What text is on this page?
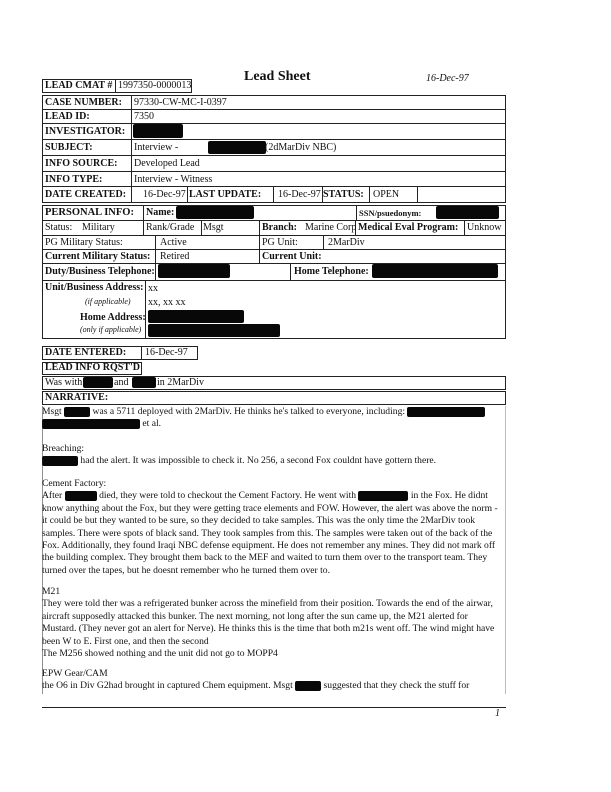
LEAD CMAT # 1997350-0000013
Lead Sheet	16-Dec-97
CASE NUMBER: 97330-CW-MC-I-0397
LEAD ID:	7350
INVESTIGATOR:
SUBJECT:	Interview -	(2dMarDiv NBC)
INFO SOURCE: Developed Lead
INFO TYPE:	Interview - Witness
DATE CREATED: 16-Dec-97 LAST UPDATE: 16-Dec-97 STATUS: OPEN
PERSONAL INFO: Name:	SSN/psuedonym:
Status: Military	Rank/Grade Msgt	Branch: Marine Corp Medical Eval Program: Unknow
PG Military Status:	Active	PG Unit:	2MarDiv
Current Military Status: Retired	Current Unit:
Duty/Business Telephone:	Home Telephone:
Unit/Business Address:
(if applicable)
xx
xx, xx xx
Home Address:
(only if applicable)
DATE ENTERED: 16-Dec-97
LEAD INFO RQST'D
Was with	and	in 2MarDiv
NARRATIVE:
Msgt	was a 5711 deployed with 2MarDiv. He thinks he's talked to everyone, including:
et al.
Breaching:
had the alert. It was impossible to check it. No 256, a second Fox couldnt have gottern there.
Cement Factory:
After	died, they were told to checkout the Cement Factory. He went with	in the Fox. He didnt know anything about the Fox, but they were getting trace elements and FOW. However, the alert was above the norm - it could be but they wanted to be sure, so they decided to take samples. This was the only time the 2MarDiv took samples. There were spots of black sand. They took samples from this. The samples were taken out of the back of the Fox. Additionally, they found Iraqi NBC defense equipment. He does not remember any mines. They did not mark off the building complex. They brought them back to the MEF and waited to turn them over to the transport team. They turned over the tapes, but he doesnt remember who he turned them over to.
M21
They were told ther was a refrigerated bunker across the minefield from their position. Towards the end of the airwar, aircraft supposedly attacked this bunker. The next morning, not long after the sun came up, the M21 alerted for Mustard. (They never got an alert for Nerve). He thinks this is the time that both m21s went off. The wind might have been W to E. First one, and then the second
The M256 showed nothing and the unit did not go to MOPP4
EPW Gear/CAM
the O6 in Div G2had brought in captured Chem equipment. Msgt	suggested that they check the stuff for
1
